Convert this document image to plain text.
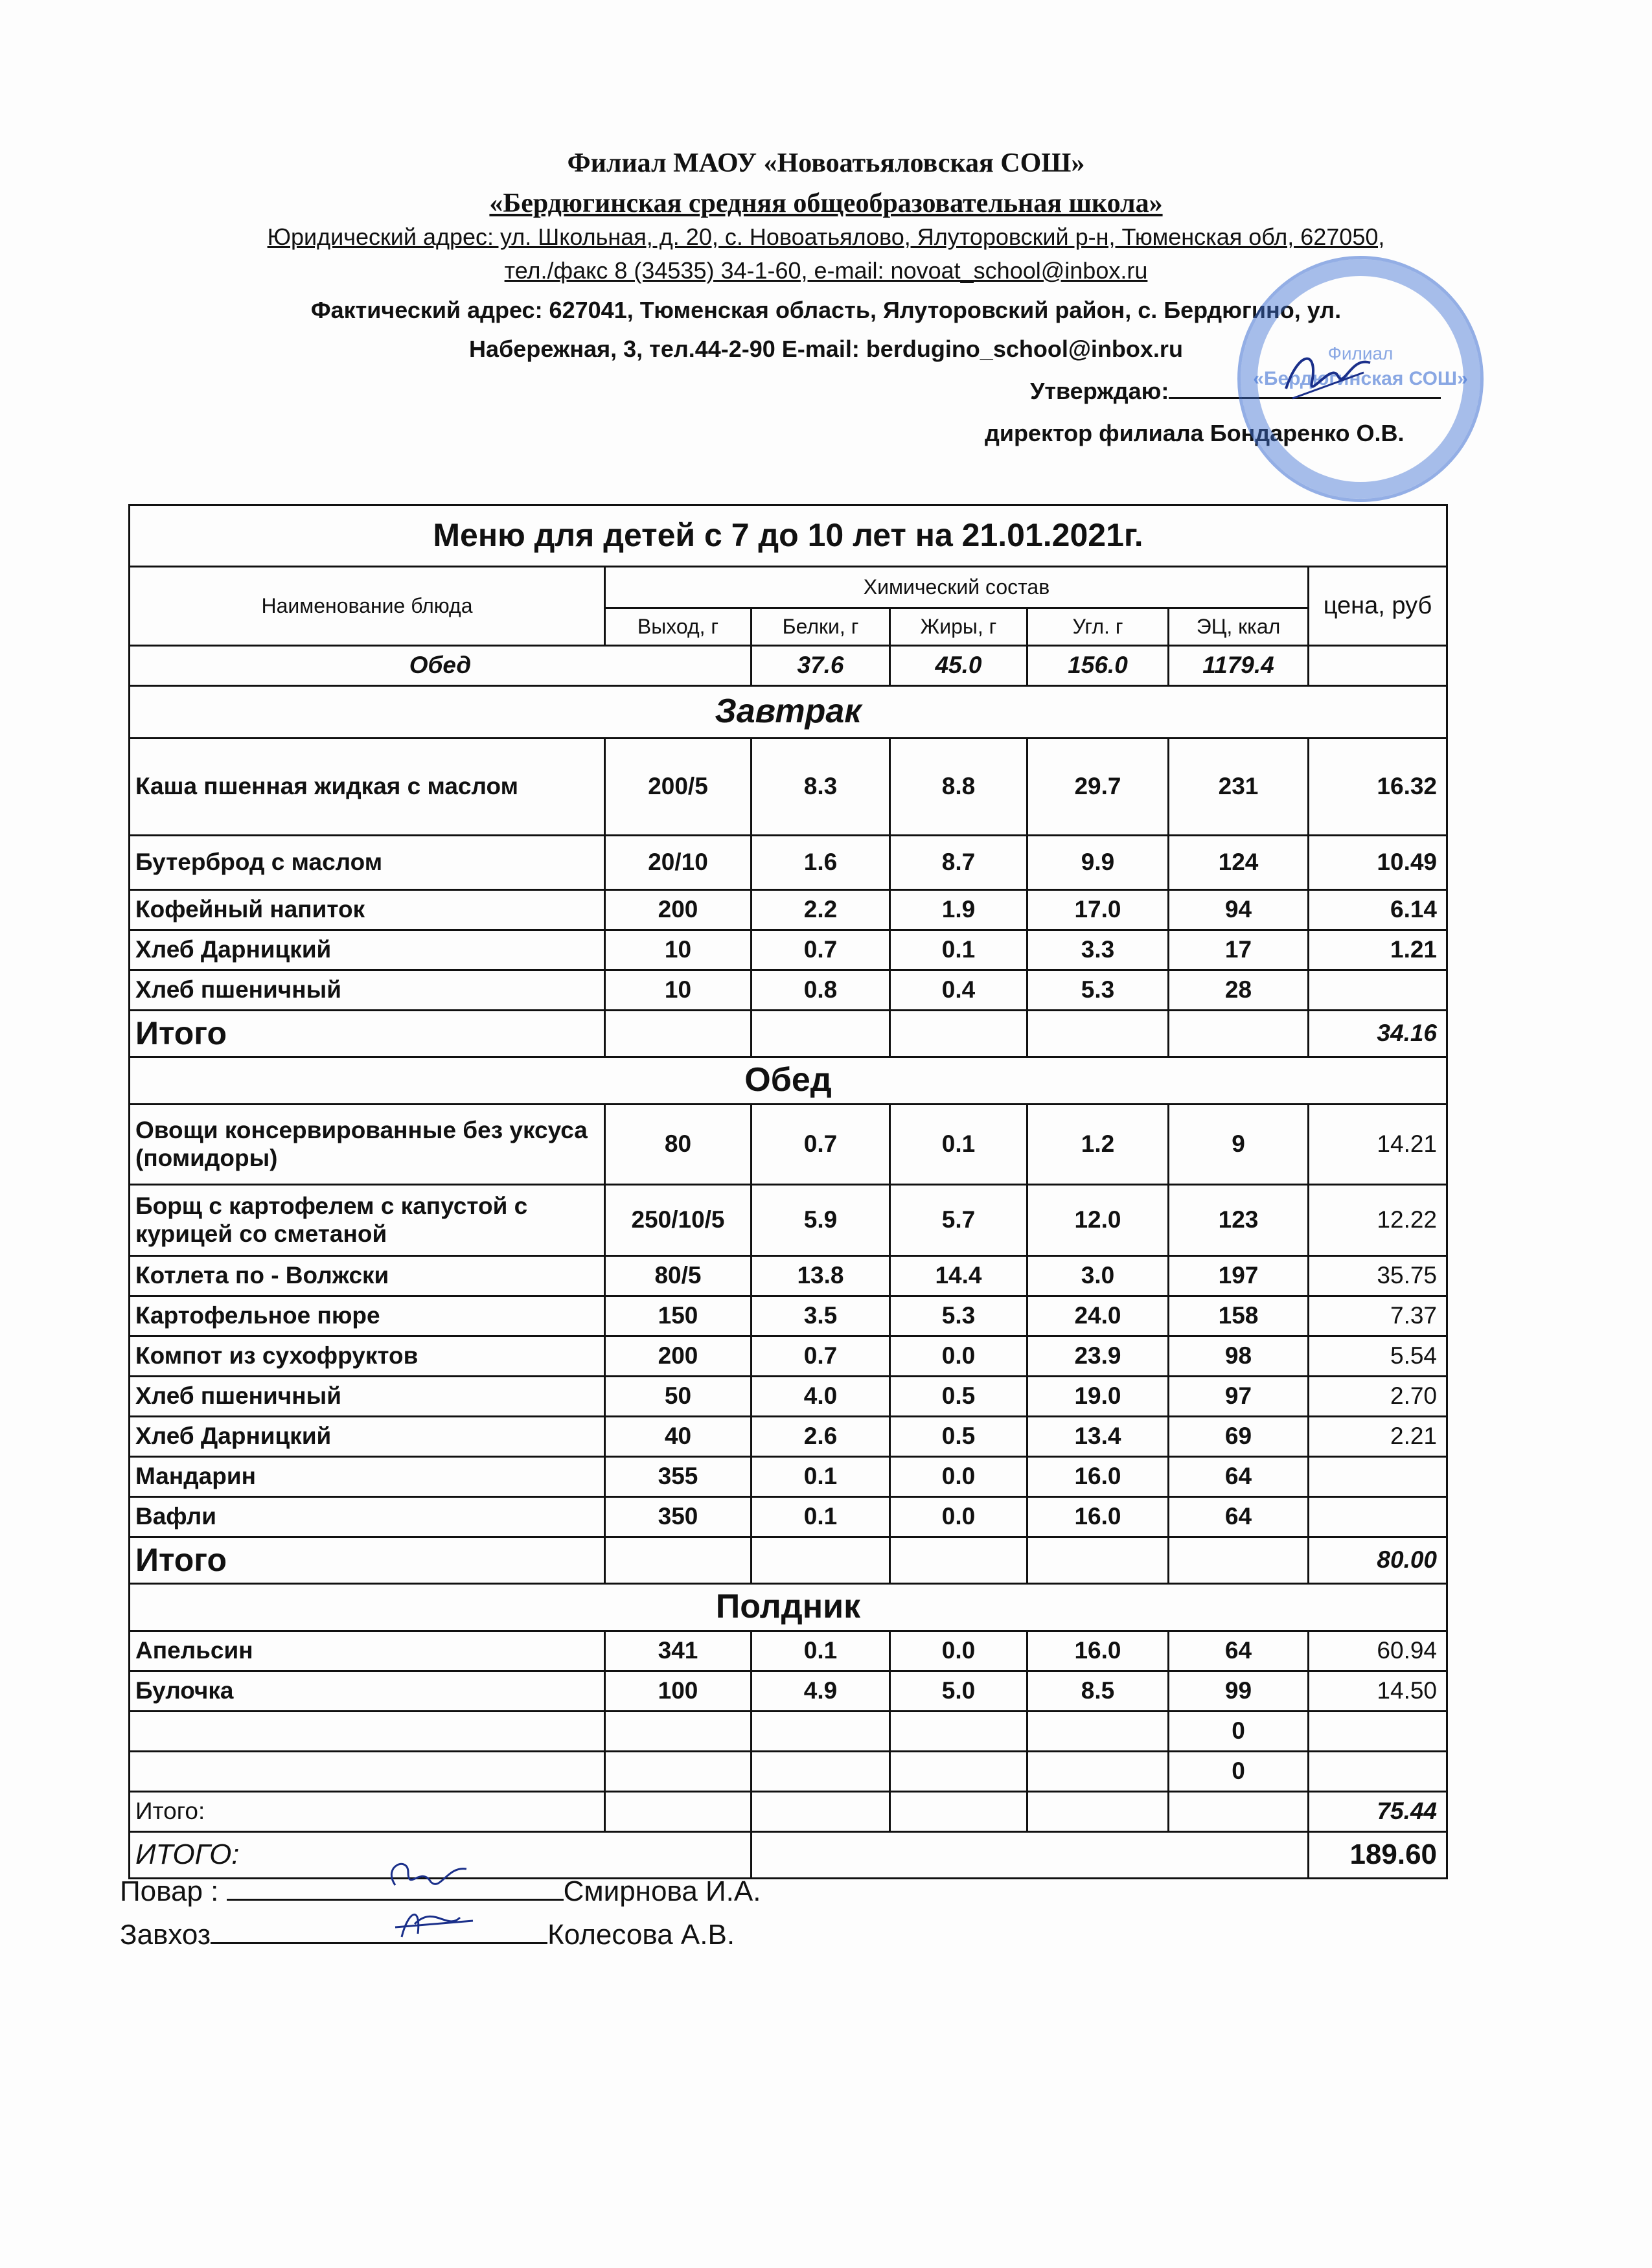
Филиал МАОУ «Новоатьяловская СОШ»
«Бердюгинская средняя общеобразовательная школа»
Юридический адрес: ул. Школьная, д. 20, с. Новоатьялово, Ялуторовский р-н, Тюменская обл, 627050,
тел./факс 8 (34535) 34-1-60, e-mail: novoat_school@inbox.ru
Фактический адрес: 627041, Тюменская область, Ялуторовский район, с. Бердюгино, ул.
Набережная, 3, тел.44-2-90 E-mail: berdugino_school@inbox.ru
Утверждаю:
директор филиала Бондаренко О.В.
Филиал
«Бердюгинская СОШ»
Меню для детей с 7 до 10 лет на 21.01.2021г.						
Наименование блюда	Химический состав					цена, руб
	Выход, г	Белки, г	Жиры, г	Угл. г	ЭЦ, ккал	
Обед		37.6	45.0	156.0	1179.4	
Завтрак						
Каша пшенная жидкая с маслом	200/5	8.3	8.8	29.7	231	16.32
Бутерброд с маслом	20/10	1.6	8.7	9.9	124	10.49
Кофейный напиток	200	2.2	1.9	17.0	94	6.14
Хлеб Дарницкий	10	0.7	0.1	3.3	17	1.21
Хлеб пшеничный	10	0.8	0.4	5.3	28	
Итого						34.16
Обед						
Овощи консервированные без уксуса (помидоры)	80	0.7	0.1	1.2	9	14.21
Борщ с картофелем с капустой с курицей со сметаной	250/10/5	5.9	5.7	12.0	123	12.22
Котлета по - Волжски	80/5	13.8	14.4	3.0	197	35.75
Картофельное пюре	150	3.5	5.3	24.0	158	7.37
Компот из сухофруктов	200	0.7	0.0	23.9	98	5.54
Хлеб пшеничный	50	4.0	0.5	19.0	97	2.70
Хлеб Дарницкий	40	2.6	0.5	13.4	69	2.21
Мандарин	355	0.1	0.0	16.0	64	
Вафли	350	0.1	0.0	16.0	64	
Итого						80.00
Полдник						
Апельсин	341	0.1	0.0	16.0	64	60.94
Булочка	100	4.9	5.0	8.5	99	14.50
					0	
					0	
Итого:						75.44
ИТОГО:						189.60
Повар :	Смирнова И.А.
Завхоз	Колесова А.В.
